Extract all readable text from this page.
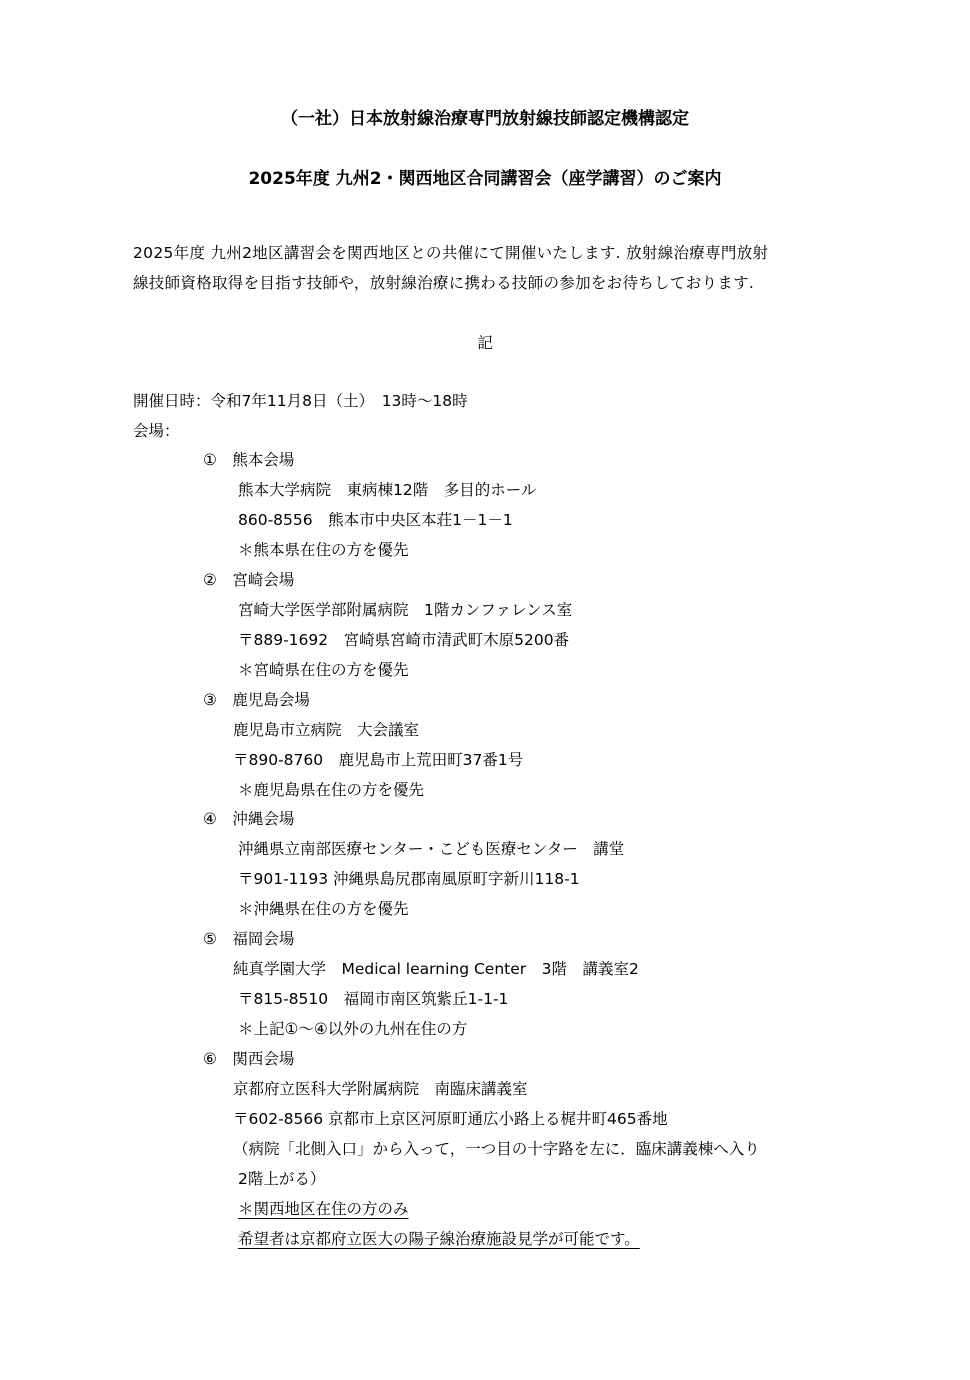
（一社）日本放射線治療専門放射線技師認定機構認定
2025年度 九州2・関西地区合同講習会（座学講習）のご案内
2025年度 九州2地区講習会を関西地区との共催にて開催いたします. 放射線治療専門放射
線技師資格取得を目指す技師や，放射線治療に携わる技師の参加をお待ちしております.
記
開催日時：令和7年11月8日（土）　13時～18時
会場：
①　熊本会場
熊本大学病院　東病棟12階　多目的ホール
860-8556　熊本市中央区本荘1－1－1
＊熊本県在住の方を優先
②　宮崎会場
宮崎大学医学部附属病院　1階カンファレンス室
〒889-1692　宮崎県宮崎市清武町木原5200番
＊宮崎県在住の方を優先
③　鹿児島会場
鹿児島市立病院　大会議室
〒890-8760　鹿児島市上荒田町37番1号
＊鹿児島県在住の方を優先
④　沖縄会場
沖縄県立南部医療センター・こども医療センター　講堂
〒901-1193 沖縄県島尻郡南風原町字新川118-1
＊沖縄県在住の方を優先
⑤　福岡会場
純真学園大学　Medical learning Center　3階　講義室2
〒815-8510　福岡市南区筑紫丘1-1-1
＊上記①～④以外の九州在住の方
⑥　関西会場
京都府立医科大学附属病院　南臨床講義室
〒602-8566 京都市上京区河原町通広小路上る梶井町465番地
（病院「北側入口」から入って，一つ目の十字路を左に．臨床講義棟へ入り
2階上がる）
＊関西地区在住の方のみ
希望者は京都府立医大の陽子線治療施設見学が可能です。
